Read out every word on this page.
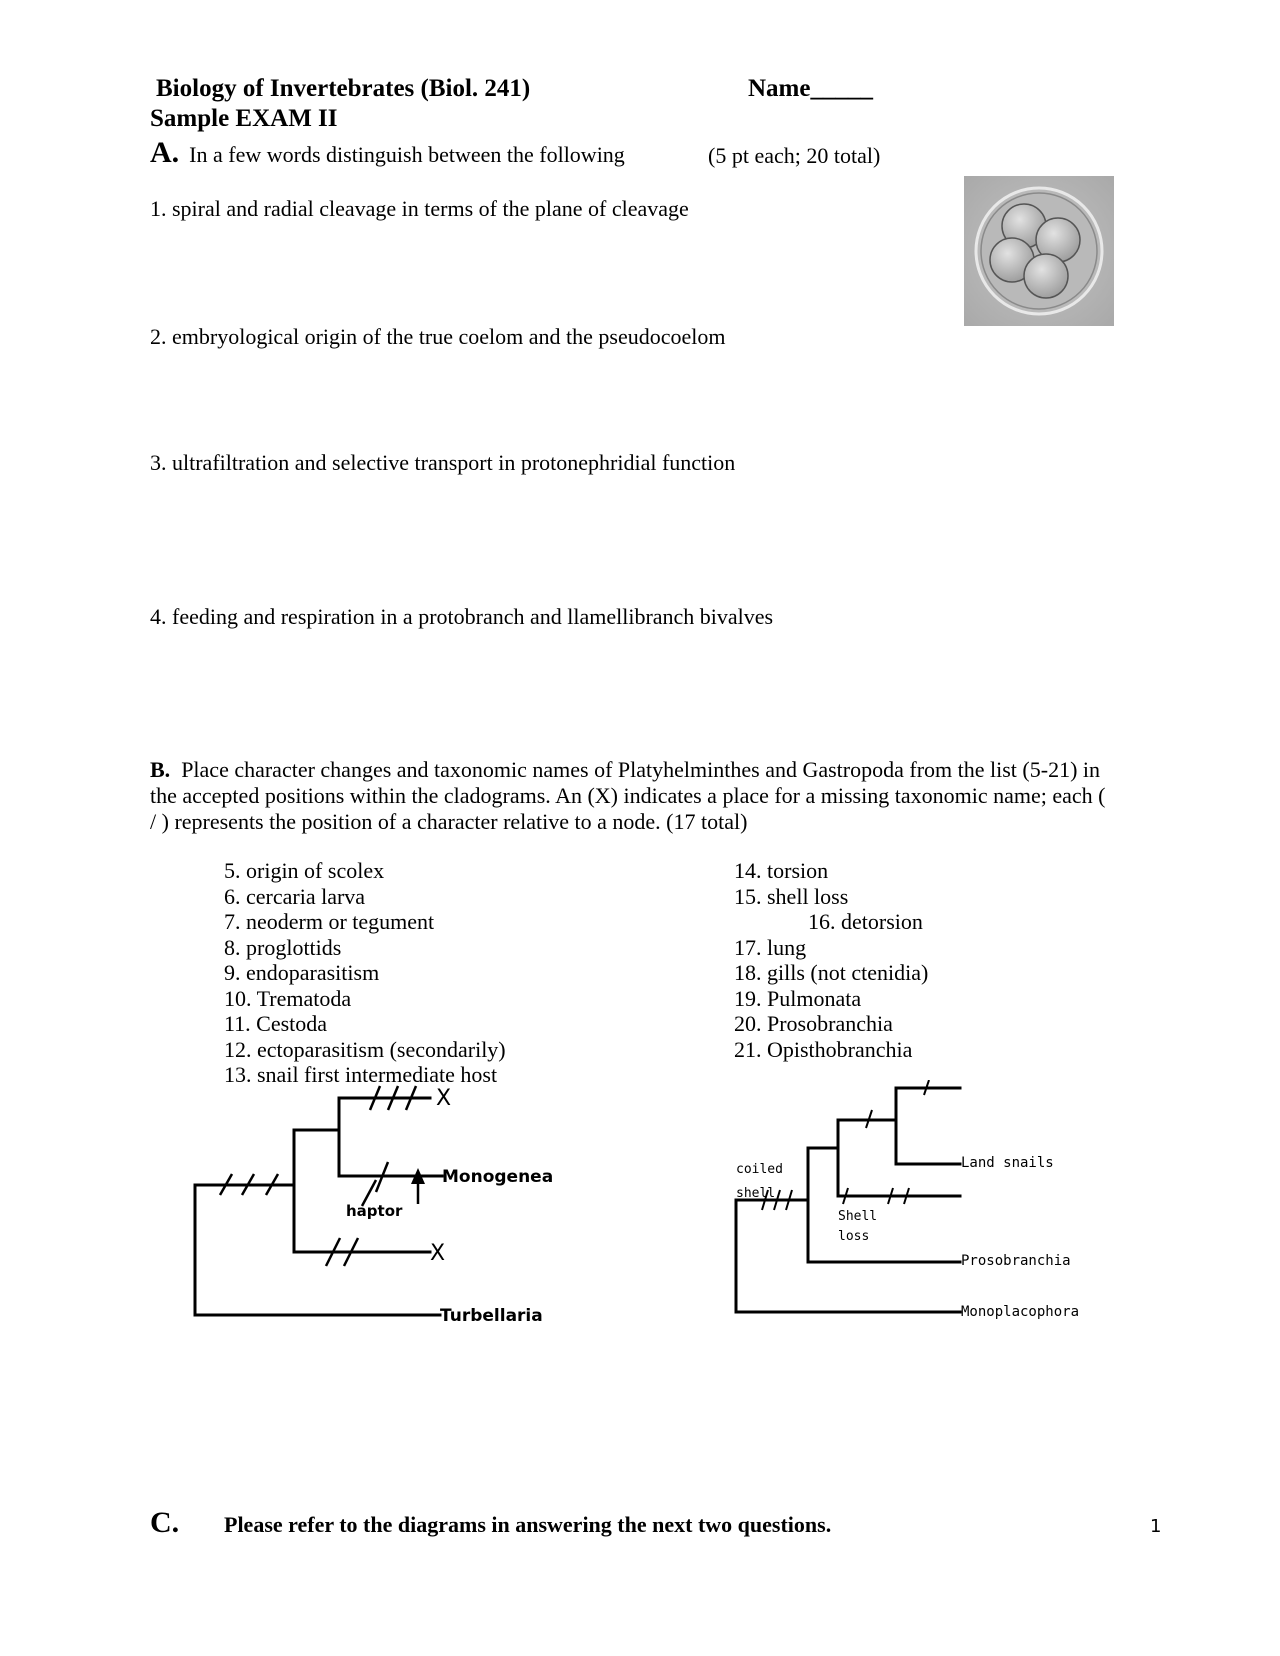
Biology of Invertebrates (Biol. 241)	Name_____
Sample EXAM II
A. In a few words distinguish between the following	(5 pt each; 20 total)
1. spiral and radial cleavage in terms of the plane of cleavage
2. embryological origin of the true coelom and the pseudocoelom
3. ultrafiltration and selective transport in protonephridial function
4. feeding and respiration in a protobranch and llamellibranch bivalves
B. Place character changes and taxonomic names of Platyhelminthes and Gastropoda from the list (5-21) in the accepted positions within the cladograms. An (X) indicates a place for a missing taxonomic name; each ( / ) represents the position of a character relative to a node. (17 total)
5. origin of scolex
6. cercaria larva
7. neoderm or tegument
8. proglottids
9. endoparasitism
10. Trematoda
11. Cestoda
12. ectoparasitism (secondarily)
13. snail first intermediate host
14. torsion
15. shell loss
16. detorsion
17. lung
18. gills (not ctenidia)
19. Pulmonata
20. Prosobranchia
21. Opisthobranchia
X
Monogenea
haptor
X
Turbellaria
coiled
shell
Shell
loss
Land snails
Prosobranchia
Monoplacophora
C. Please refer to the diagrams in answering the next two questions.	1
